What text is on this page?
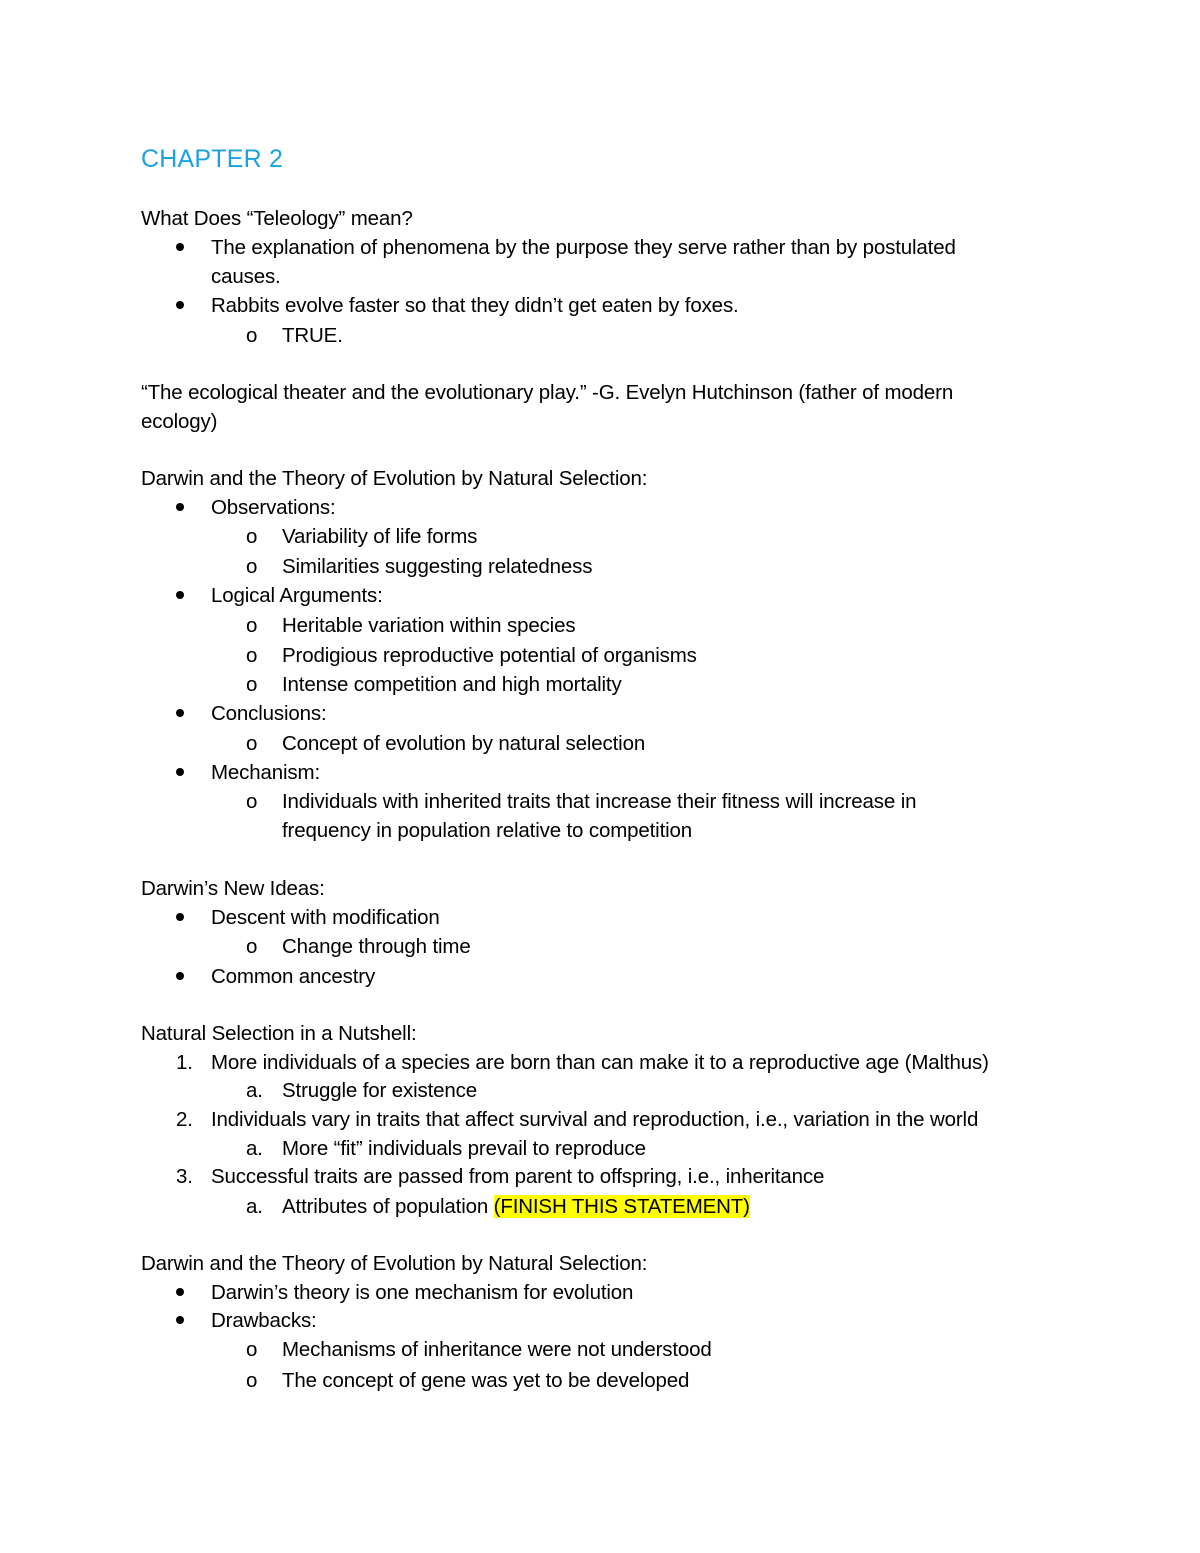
CHAPTER 2
What Does “Teleology” mean?
The explanation of phenomena by the purpose they serve rather than by postulated
causes.
Rabbits evolve faster so that they didn’t get eaten by foxes.
o TRUE.
“The ecological theater and the evolutionary play.” -G. Evelyn Hutchinson (father of modern
ecology)
Darwin and the Theory of Evolution by Natural Selection:
Observations:
o Variability of life forms
o Similarities suggesting relatedness
Logical Arguments:
o Heritable variation within species
o Prodigious reproductive potential of organisms
o Intense competition and high mortality
Conclusions:
o Concept of evolution by natural selection
Mechanism:
o Individuals with inherited traits that increase their fitness will increase in
frequency in population relative to competition
Darwin’s New Ideas:
Descent with modification
o Change through time
Common ancestry
Natural Selection in a Nutshell:
1. More individuals of a species are born than can make it to a reproductive age (Malthus)
a. Struggle for existence
2. Individuals vary in traits that affect survival and reproduction, i.e., variation in the world
a. More “fit” individuals prevail to reproduce
3. Successful traits are passed from parent to offspring, i.e., inheritance
a. Attributes of population (FINISH THIS STATEMENT)
Darwin and the Theory of Evolution by Natural Selection:
Darwin’s theory is one mechanism for evolution
Drawbacks:
o Mechanisms of inheritance were not understood
o The concept of gene was yet to be developed
